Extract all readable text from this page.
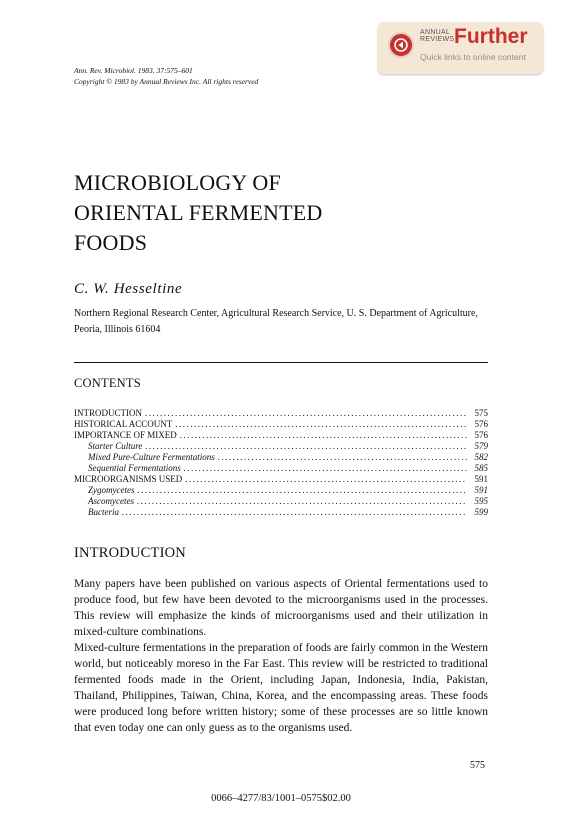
ANNUAL
REVIEWS Further
Quick links to online content
Ann. Rev. Microbiol. 1983. 37:575–601
Copyright © 1983 by Annual Reviews Inc. All rights reserved
MICROBIOLOGY OF
ORIENTAL FERMENTED
FOODS
C. W. Hesseltine
Northern Regional Research Center, Agricultural Research Service, U. S. Department of Agriculture, Peoria, Illinois 61604
CONTENTS
INTRODUCTION .....	575
HISTORICAL ACCOUNT .....	576
IMPORTANCE OF MIXED .....	576
Starter Culture .....	579
Mixed Pure-Culture Fermentations .....	582
Sequential Fermentations .....	585
MICROORGANISMS USED .....	591
Zygomycetes .....	591
Ascomycetes .....	595
Bacteria .....	599
INTRODUCTION

Many papers have been published on various aspects of Oriental fermentations used to produce food, but few have been devoted to the microorganisms used in the processes. This review will emphasize the kinds of microorganisms used and their utilization in mixed-culture combinations.

Mixed-culture fermentations in the preparation of foods are fairly common in the Western world, but noticeably moreso in the Far East. This review will be restricted to traditional fermented foods made in the Orient, including Japan, Indonesia, India, Pakistan, Thailand, Philippines, Taiwan, China, Korea, and the encompassing areas. These foods were produced long before written history; some of these processes are so little known that even today one can only guess as to the organisms used.

575
0066–4277/83/1001–0575$02.00
